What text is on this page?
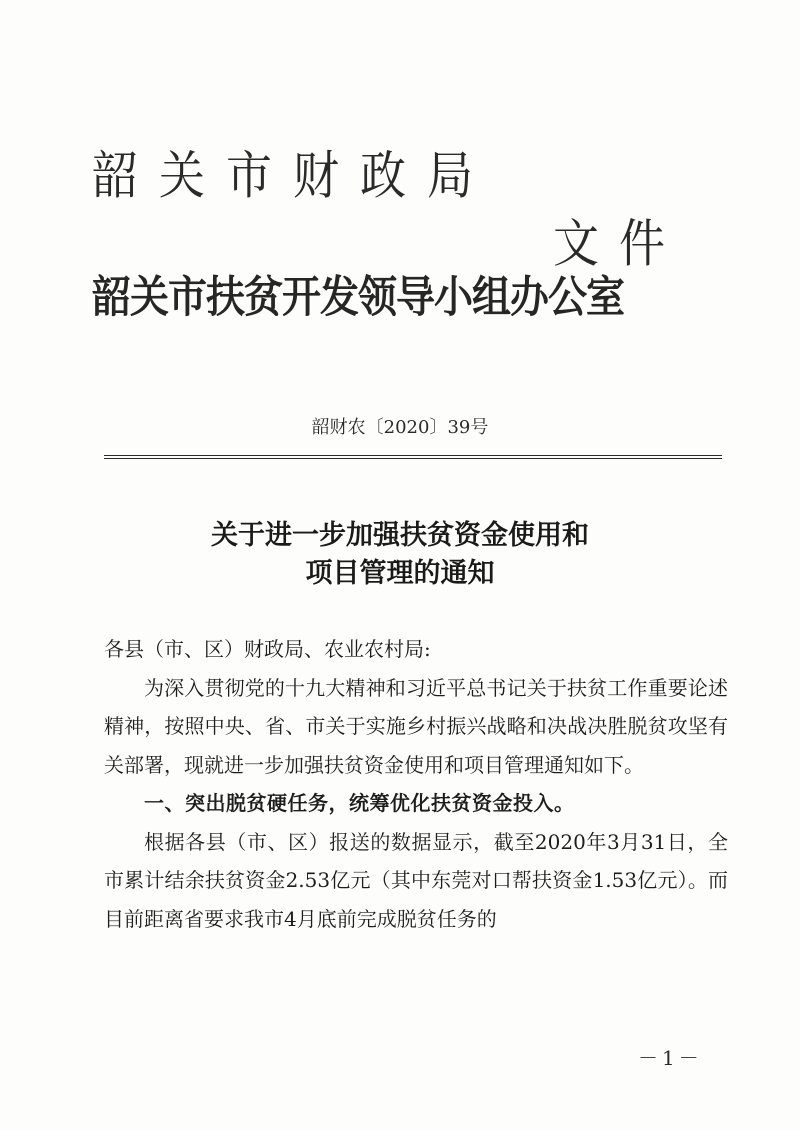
韶关市财政局
文件
韶关市扶贫开发领导小组办公室
韶财农〔2020〕39号
关于进一步加强扶贫资金使用和
项目管理的通知

各县（市、区）财政局、农业农村局:

为深入贯彻党的十九大精神和习近平总书记关于扶贫工作重要论述精神，按照中央、省、市关于实施乡村振兴战略和决战决胜脱贫攻坚有关部署，现就进一步加强扶贫资金使用和项目管理通知如下。

一、突出脱贫硬任务，统筹优化扶贫资金投入。

根据各县（市、区）报送的数据显示，截至2020年3月31日，全市累计结余扶贫资金2.53亿元（其中东莞对口帮扶资金1.53亿元）。而目前距离省要求我市4月底前完成脱贫任务的

－1－
